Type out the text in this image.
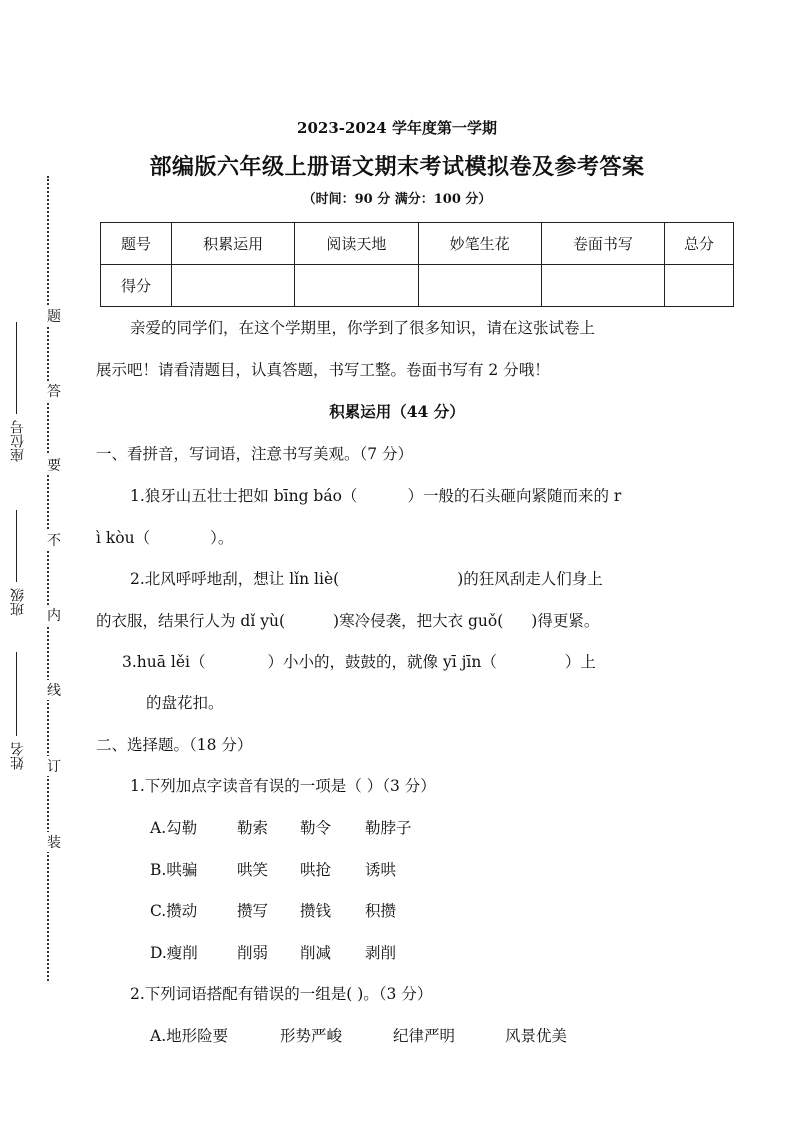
题
答
要
不
内
线
订
装
座位号
班级
姓名
2023-2024 学年度第一学期
部编版六年级上册语文期末考试模拟卷及参考答案
（时间：90 分 满分：100 分）
题号	积累运用	阅读天地	妙笔生花	卷面书写	总分
得分					
亲爱的同学们，在这个学期里，你学到了很多知识，请在这张试卷上
展示吧！请看清题目，认真答题，书写工整。卷面书写有 2 分哦！
积累运用（44 分）
一、看拼音，写词语，注意书写美观。（7 分）
1.狼牙山五壮士把如 bīng báo（	）一般的石头砸向紧随而来的 r
ì kòu（	）。
2.北风呼呼地刮，想让 lǐn liè(	)的狂风刮走人们身上
的衣服，结果行人为 dǐ yù(	)寒冷侵袭，把大衣 guǒ( )得更紧。
3.huā lěi（	）小小的，鼓鼓的，就像 yī jīn（	）上
的盘花扣。
二、选择题。（18 分）
1.下列加点字读音有误的一项是（ ）（3 分）
A.勾勒	勒索 勒令 勒脖子
B.哄骗	哄笑 哄抢 诱哄
C.攒动	攒写 攒钱 积攒
D.瘦削	削弱 削减 剥削
2.下列词语搭配有错误的一组是( )。（3 分）
A.地形险要	形势严峻	纪律严明	风景优美
